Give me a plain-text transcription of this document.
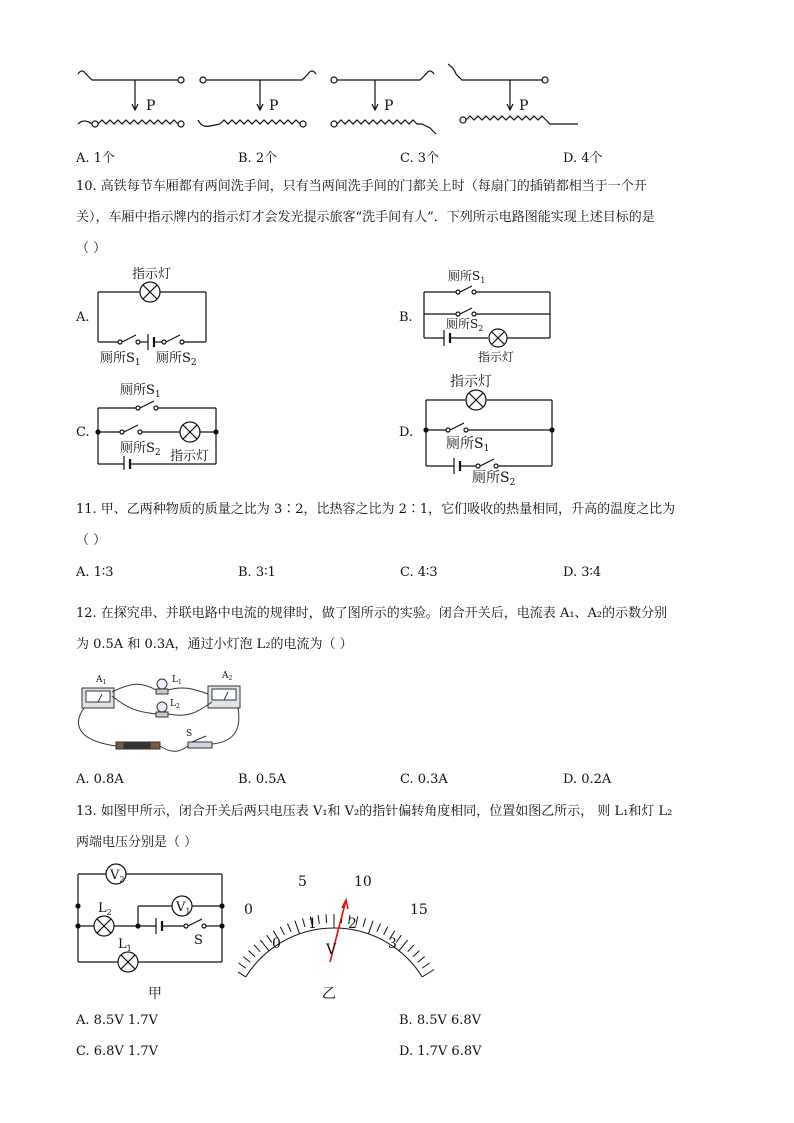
P	P	P	P
A. 1个	B. 2个	C. 3个	D. 4个
10. 高铁每节车厢都有两间洗手间，只有当两间洗手间的门都关上时（每扇门的插销都相当于一个开
关），车厢中指示牌内的指示灯才会发光提示旅客“洗手间有人”．下列所示电路图能实现上述目标的是
（ ）
A.
指示灯
厕所$S_1$ 厕所$S_2$
B.
厕所$S_1$
厕所$S_2$
指示灯
C.
厕所$S_1$
厕所$S_2$ 指示灯
D.
指示灯
厕所$S_1$
厕所$S_2$
11. 甲、乙两种物质的质量之比为 3∶2，比热容之比为 2∶1，它们吸收的热量相同，升高的温度之比为
（ ）
A. 1∶3	B. 3∶1	C. 4∶3	D. 3∶4
12. 在探究串、并联电路中电流的规律时，做了图所示的实验。闭合开关后，电流表 A₁、A₂的示数分别
为 0.5A 和 0.3A，通过小灯泡 L₂的电流为（ ）
$A_1$
$A_2$
$L_1$
$L_2$
S
A. 0.8A	B. 0.5A	C. 0.3A	D. 0.2A
13. 如图甲所示，闭合开关后两只电压表 V₁和 V₂的指针偏转角度相同，位置如图乙所示， 则 L₁和灯 L₂
两端电压分别是（ ）
$V_2$
$V_1$
$L_2$
$L_1$
S
甲
0
5	10
15
0
1 2
3
V
乙
A. 8.5V 1.7V	B. 8.5V 6.8V
C. 6.8V 1.7V	D. 1.7V 6.8V
